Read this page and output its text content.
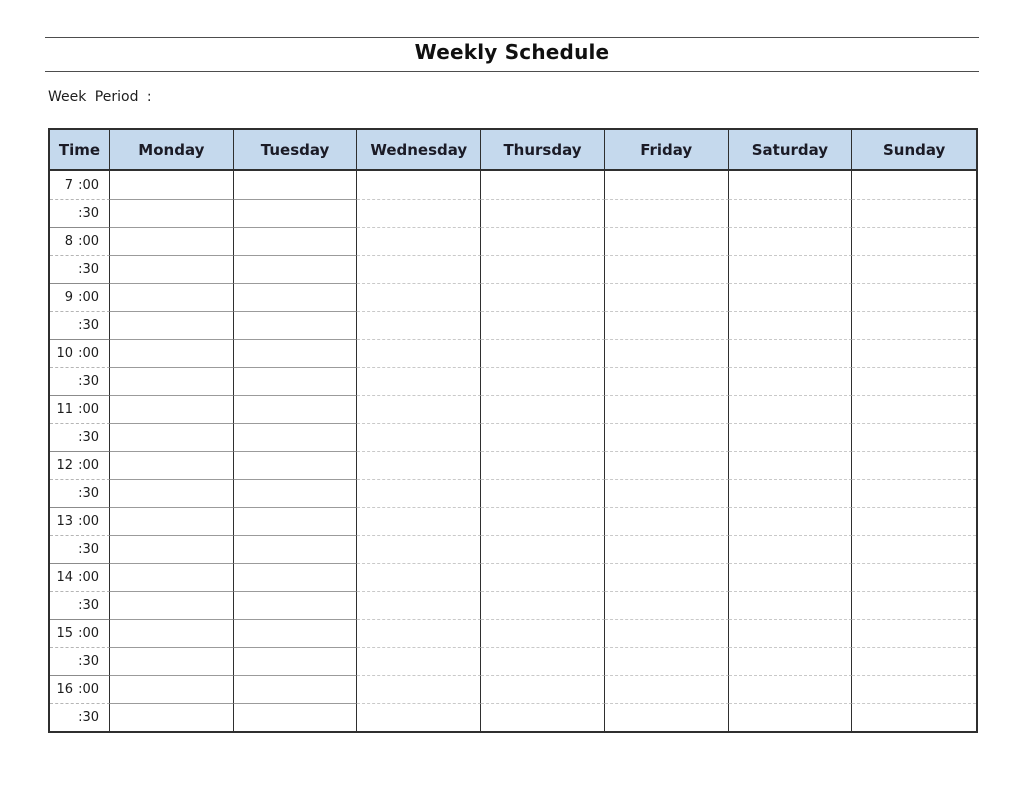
Weekly Schedule
Week Period :
Time	Monday	Tuesday	Wednesday	Thursday	Friday	Saturday	Sunday
7 :00
:30
8 :00
:30
9 :00
:30
10 :00
:30
11 :00
:30
12 :00
:30
13 :00
:30
14 :00
:30
15 :00
:30
16 :00
:30
